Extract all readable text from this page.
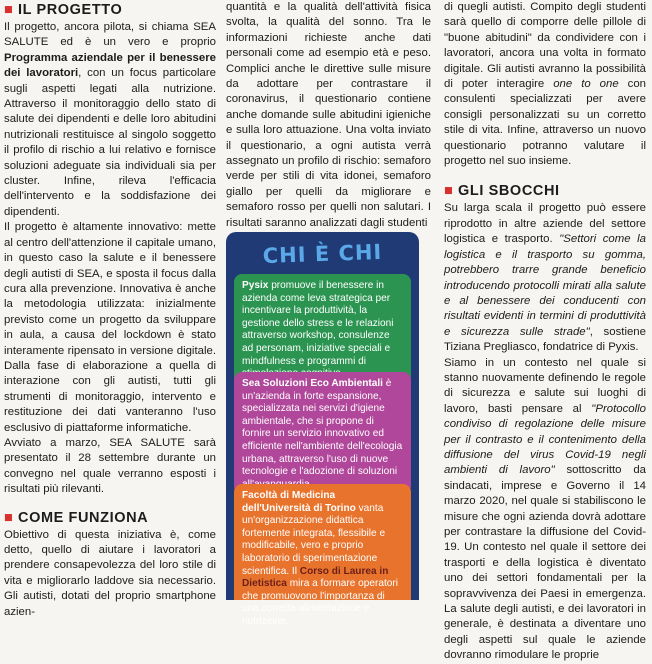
■ IL PROGETTO

Il progetto, ancora pilota, si chiama SEA SALUTE ed è un vero e proprio Programma aziendale per il benessere dei lavoratori, con un focus particolare sugli aspetti legati alla nutrizione. Attraverso il monitoraggio dello stato di salute dei dipendenti e delle loro abitudini nutrizionali restituisce al singolo soggetto il profilo di rischio a lui relativo e fornisce soluzioni adeguate sia individuali sia per cluster. Infine, rileva l'efficacia dell'intervento e la soddisfazione dei dipendenti.

Il progetto è altamente innovativo: mette al centro dell'attenzione il capitale umano, in questo caso la salute e il benessere degli autisti di SEA, e sposta il focus dalla cura alla prevenzione. Innovativa è anche la metodologia utilizzata: inizialmente previsto come un progetto da sviluppare in aula, a causa del lockdown è stato interamente ripensato in versione digitale. Dalla fase di elaborazione a quella di interazione con gli autisti, tutti gli strumenti di monitoraggio, intervento e restituzione dei dati vanteranno l'uso esclusivo di piattaforme informatiche.

Avviato a marzo, SEA SALUTE sarà presentato il 28 settembre durante un convegno nel quale verranno esposti i risultati più rilevanti.

■ COME FUNZIONA

Obiettivo di questa iniziativa è, come detto, quello di aiutare i lavoratori a prendere consapevolezza del loro stile di vita e migliorarlo laddove sia necessario. Gli autisti, dotati del proprio smartphone azien-

quantità e la qualità dell'attività fisica svolta, la qualità del sonno. Tra le informazioni richieste anche dati personali come ad esempio età e peso. Complici anche le direttive sulle misure da adottare per contrastare il coronavirus, il questionario contiene anche domande sulle abitudini igieniche e sulla loro attuazione. Una volta inviato il questionario, a ogni autista verrà assegnato un profilo di rischio: semaforo verde per stili di vita idonei, semaforo giallo per quelli da migliorare e semaforo rosso per quelli non salutari. I risultati saranno analizzati dagli studenti

CHI È CHI
Pysix promuove il benessere in azienda come leva strategica per incentivare la produttività, la gestione dello stress e le relazioni attraverso workshop, consulenze ad personam, iniziative speciali e mindfulness e programmi di
Sea Soluzioni Eco Ambientali è un'azienda in forte espansione, specializzata nei servizi d'igiene ambientale, che si propone di fornire un servizio innovativo ed efficiente nell'ambiente dell'ecologia urbana, attraverso l'uso di nuove tecnologie e l'adozione di soluzioni
Facoltà di Medicina dell'Università di Torino vanta un'organizzazione didattica fortemente integrata, flessibile e modificabile, vero e proprio laboratorio di sperimentazione scientifica. Il Corso di Laurea in Dietistica mira a formare operatori che promuovono l'importanza di una corretta alimentazione e nutrizione.

di quegli autisti. Compito degli studenti sarà quello di comporre delle pillole di "buone abitudini" da condividere con i lavoratori, ancora una volta in formato digitale. Gli autisti avranno la possibilità di poter interagire one to one con consulenti specializzati per avere consigli personalizzati su un corretto stile di vita. Infine, attraverso un nuovo questionario potranno valutare il progetto nel suo insieme.

■ GLI SBOCCHI

Su larga scala il progetto può essere riprodotto in altre aziende del settore logistica e trasporto. "Settori come la logistica e il trasporto su gomma, potrebbero trarre grande beneficio introducendo protocolli mirati alla salute e al benessere dei conducenti con risultati evidenti in termini di produttività e sicurezza sulle strade", sostiene Tiziana Pregliasco, fondatrice di Pyxis.

Siamo in un contesto nel quale si stanno nuovamente definendo le regole di sicurezza e salute sui luoghi di lavoro, basti pensare al "Protocollo condiviso di regolazione delle misure per il contrasto e il contenimento della diffusione del virus Covid-19 negli ambienti di lavoro" sottoscritto da sindacati, imprese e Governo il 14 marzo 2020, nel quale si stabiliscono le misure che ogni azienda dovrà adottare per contrastare la diffusione del Covid-19. Un contesto nel quale il settore dei trasporti e della logistica è diventato uno dei settori fondamentali per la sopravvivenza dei Paesi in emergenza. La salute degli autisti, e dei lavoratori in generale, è destinata a diventare uno degli aspetti sul quale le aziende dovranno rimodulare le proprie
